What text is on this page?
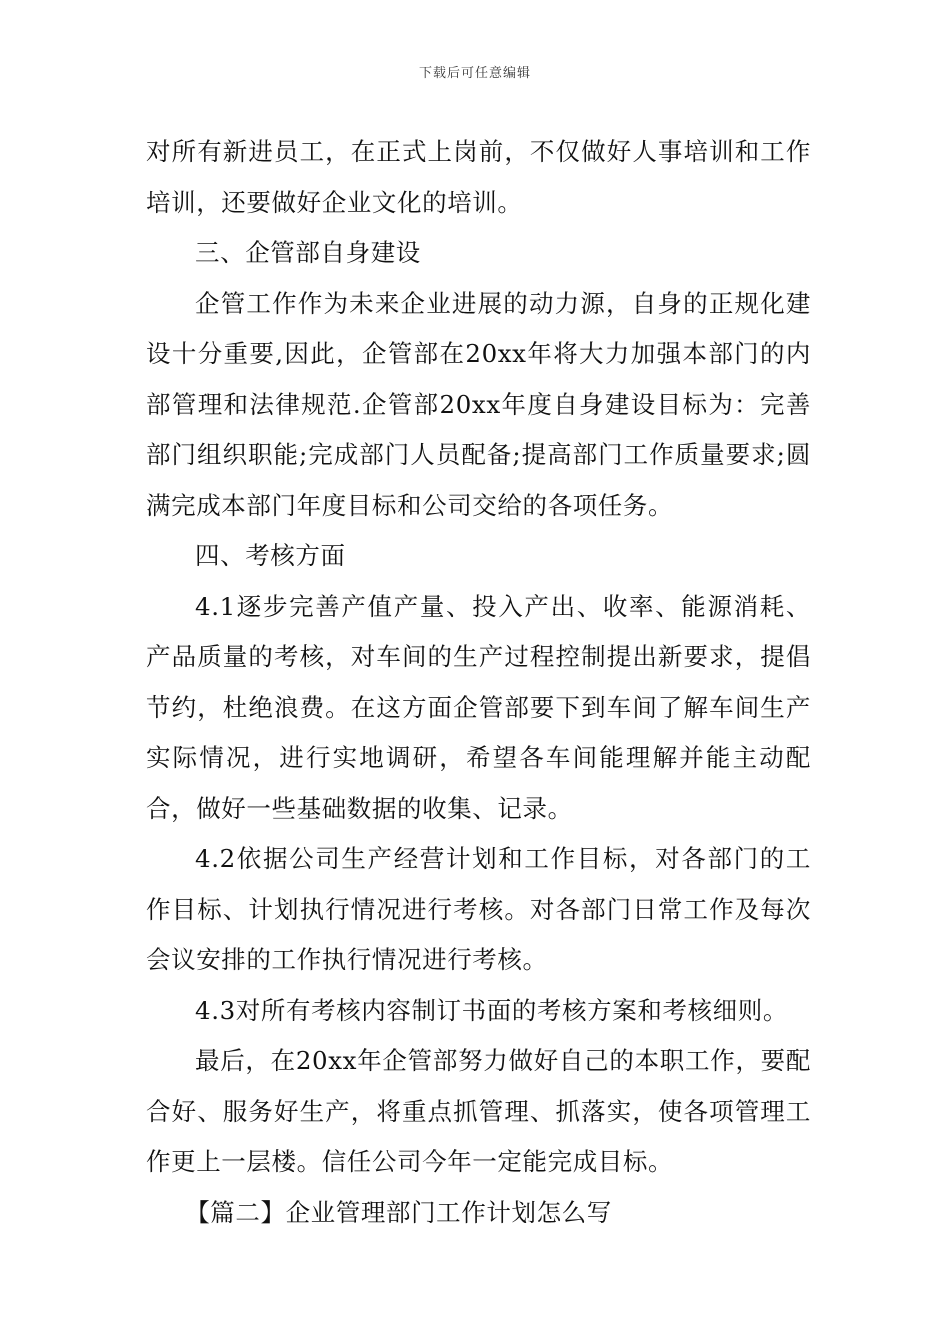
下载后可任意编辑

对所有新进员工，在正式上岗前，不仅做好人事培训和工作培训，还要做好企业文化的培训。

三、企管部自身建设

企管工作作为未来企业进展的动力源，自身的正规化建设十分重要,因此，企管部在20xx年将大力加强本部门的内部管理和法律规范.企管部20xx年度自身建设目标为：完善部门组织职能;完成部门人员配备;提高部门工作质量要求;圆满完成本部门年度目标和公司交给的各项任务。

四、考核方面

4.1逐步完善产值产量、投入产出、收率、能源消耗、产品质量的考核，对车间的生产过程控制提出新要求，提倡节约，杜绝浪费。在这方面企管部要下到车间了解车间生产实际情况，进行实地调研，希望各车间能理解并能主动配合，做好一些基础数据的收集、记录。

4.2依据公司生产经营计划和工作目标，对各部门的工作目标、计划执行情况进行考核。对各部门日常工作及每次会议安排的工作执行情况进行考核。

4.3对所有考核内容制订书面的考核方案和考核细则。

最后，在20xx年企管部努力做好自己的本职工作，要配合好、服务好生产，将重点抓管理、抓落实，使各项管理工作更上一层楼。信任公司今年一定能完成目标。

【篇二】企业管理部门工作计划怎么写
